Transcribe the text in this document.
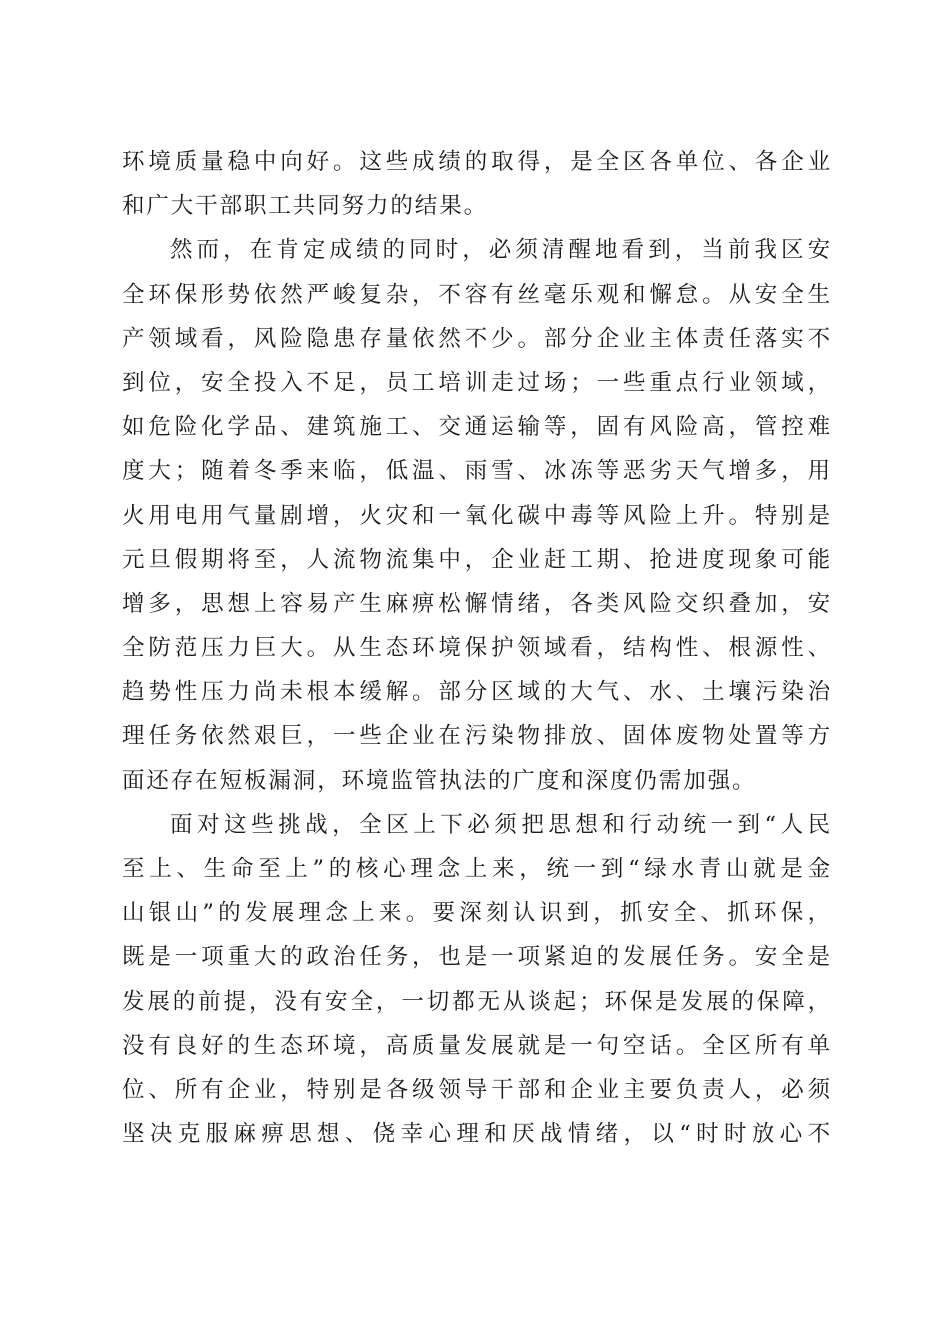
环境质量稳中向好。这些成绩的取得，是全区各单位、各企业
和广大干部职工共同努力的结果。
然而，在肯定成绩的同时，必须清醒地看到，当前我区安
全环保形势依然严峻复杂，不容有丝毫乐观和懈怠。从安全生
产领域看，风险隐患存量依然不少。部分企业主体责任落实不
到位，安全投入不足，员工培训走过场；一些重点行业领域，
如危险化学品、建筑施工、交通运输等，固有风险高，管控难
度大；随着冬季来临，低温、雨雪、冰冻等恶劣天气增多，用
火用电用气量剧增，火灾和一氧化碳中毒等风险上升。特别是
元旦假期将至，人流物流集中，企业赶工期、抢进度现象可能
增多，思想上容易产生麻痹松懈情绪，各类风险交织叠加，安
全防范压力巨大。从生态环境保护领域看，结构性、根源性、
趋势性压力尚未根本缓解。部分区域的大气、水、土壤污染治
理任务依然艰巨，一些企业在污染物排放、固体废物处置等方
面还存在短板漏洞，环境监管执法的广度和深度仍需加强。
面对这些挑战，全区上下必须把思想和行动统一到“人民
至上、生命至上”的核心理念上来，统一到“绿水青山就是金
山银山”的发展理念上来。要深刻认识到，抓安全、抓环保，
既是一项重大的政治任务，也是一项紧迫的发展任务。安全是
发展的前提，没有安全，一切都无从谈起；环保是发展的保障，
没有良好的生态环境，高质量发展就是一句空话。全区所有单
位、所有企业，特别是各级领导干部和企业主要负责人，必须
坚决克服麻痹思想、侥幸心理和厌战情绪，以“时时放心不
